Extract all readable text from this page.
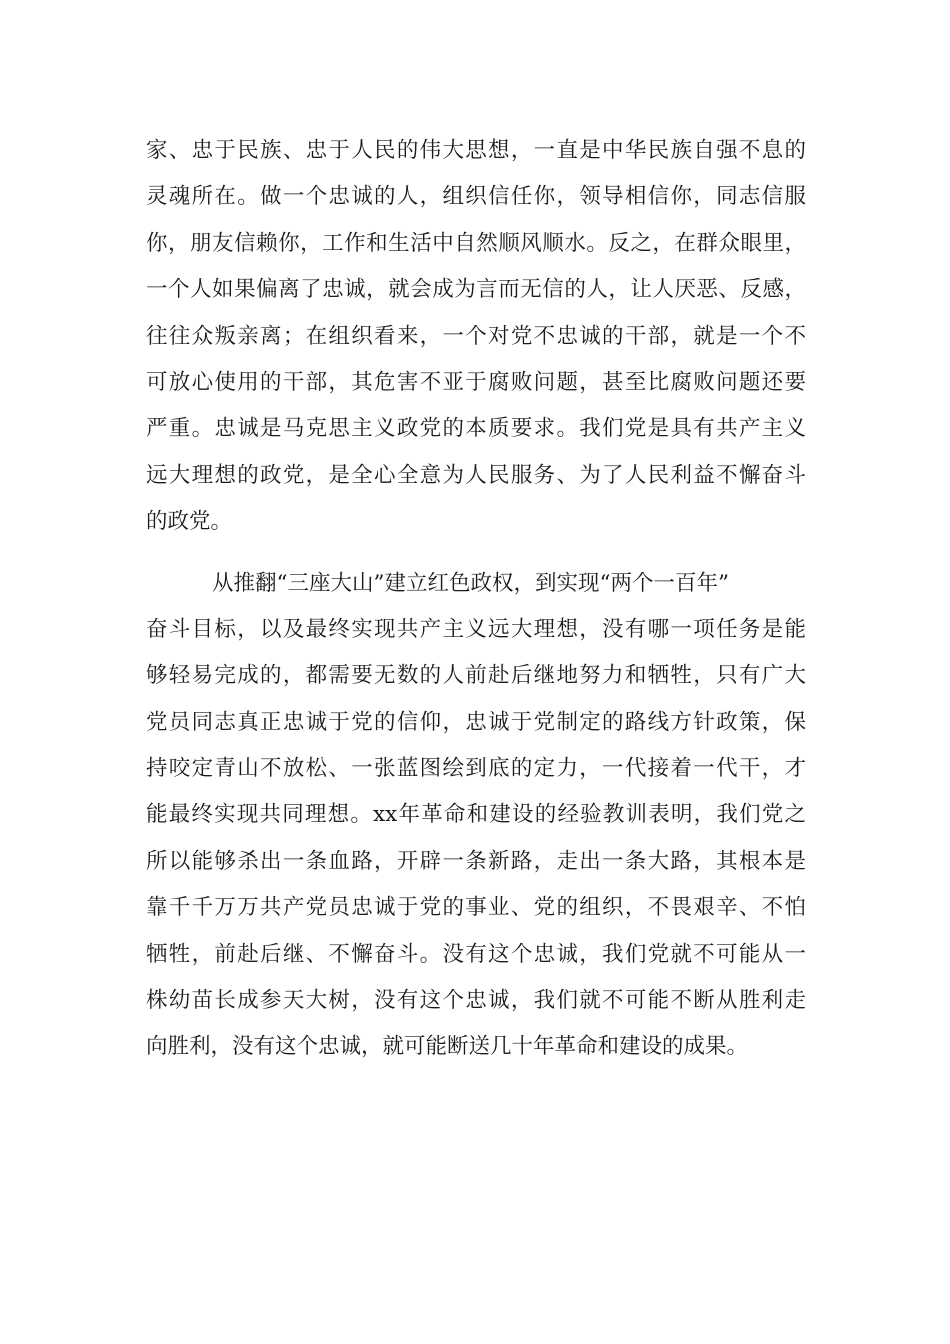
家、忠于民族、忠于人民的伟大思想，一直是中华民族自强不息的
灵魂所在。做一个忠诚的人，组织信任你，领导相信你，同志信服
你，朋友信赖你，工作和生活中自然顺风顺水。反之，在群众眼里，
一个人如果偏离了忠诚，就会成为言而无信的人，让人厌恶、反感，
往往众叛亲离；在组织看来，一个对党不忠诚的干部，就是一个不
可放心使用的干部，其危害不亚于腐败问题，甚至比腐败问题还要
严重。忠诚是马克思主义政党的本质要求。我们党是具有共产主义
远大理想的政党，是全心全意为人民服务、为了人民利益不懈奋斗
的政党。
从推翻“三座大山”建立红色政权，到实现“两个一百年”
奋斗目标，以及最终实现共产主义远大理想，没有哪一项任务是能
够轻易完成的，都需要无数的人前赴后继地努力和牺牲，只有广大
党员同志真正忠诚于党的信仰，忠诚于党制定的路线方针政策，保
持咬定青山不放松、一张蓝图绘到底的定力，一代接着一代干，才
能最终实现共同理想。xx年革命和建设的经验教训表明，我们党之
所以能够杀出一条血路，开辟一条新路，走出一条大路，其根本是
靠千千万万共产党员忠诚于党的事业、党的组织，不畏艰辛、不怕
牺牲，前赴后继、不懈奋斗。没有这个忠诚，我们党就不可能从一
株幼苗长成参天大树，没有这个忠诚，我们就不可能不断从胜利走
向胜利，没有这个忠诚，就可能断送几十年革命和建设的成果。
